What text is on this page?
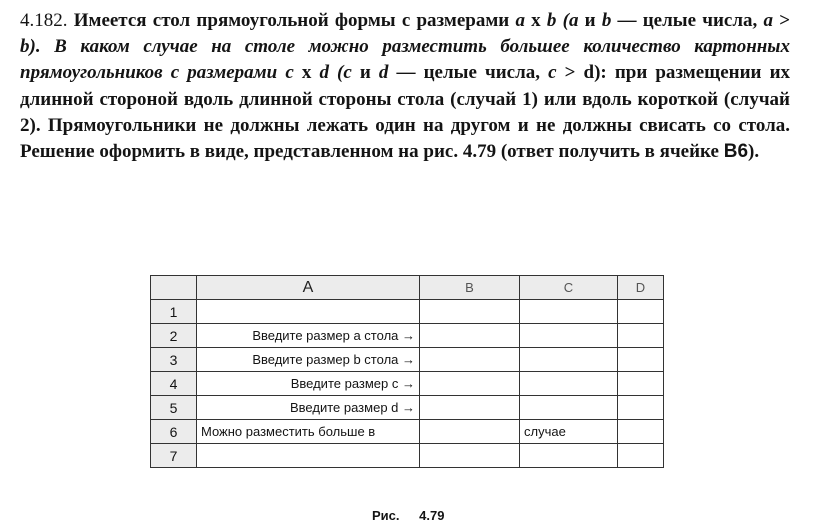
4.182. Имеется стол прямоугольной формы с размерами a x b (a и b — целые числа, a > b). В каком случае на столе можно разместить большее количество картонных прямоугольников с размерами c x d (c и d — целые числа, c > d): при размещении их длинной стороной вдоль длинной стороны стола (случай 1) или вдоль короткой (случай 2). Прямоугольники не должны лежать один на другом и не должны свисать со стола. Решение оформить в виде, представленном на рис. 4.79 (ответ получить в ячейке B6).
	A	B	C	D
1				
2	Введите размер a стола →			
3	Введите размер b стола →			
4	Введите размер c →			
5	Введите размер d →			
6	Можно разместить больше в		случае	
7				
Рис. 4.79
